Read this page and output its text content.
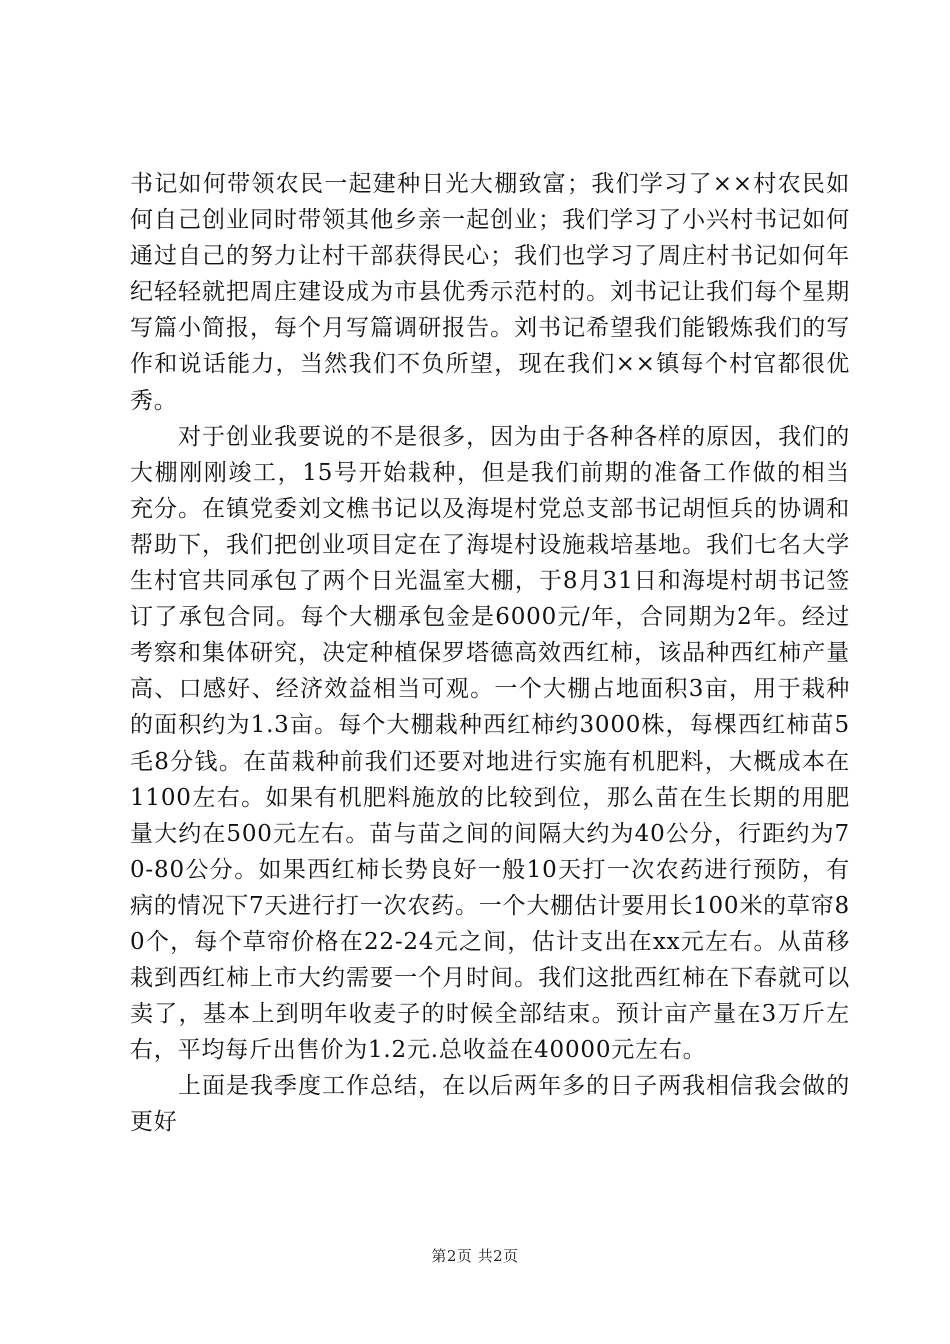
书记如何带领农民一起建种日光大棚致富；我们学习了××村农民如何自己创业同时带领其他乡亲一起创业；我们学习了小兴村书记如何通过自己的努力让村干部获得民心；我们也学习了周庄村书记如何年纪轻轻就把周庄建设成为市县优秀示范村的。刘书记让我们每个星期写篇小简报，每个月写篇调研报告。刘书记希望我们能锻炼我们的写作和说话能力，当然我们不负所望，现在我们××镇每个村官都很优秀。

对于创业我要说的不是很多，因为由于各种各样的原因，我们的大棚刚刚竣工，15号开始栽种，但是我们前期的准备工作做的相当充分。在镇党委刘文樵书记以及海堤村党总支部书记胡恒兵的协调和帮助下，我们把创业项目定在了海堤村设施栽培基地。我们七名大学生村官共同承包了两个日光温室大棚，于8月31日和海堤村胡书记签订了承包合同。每个大棚承包金是6000元/年，合同期为2年。经过考察和集体研究，决定种植保罗塔德高效西红柿，该品种西红柿产量高、口感好、经济效益相当可观。一个大棚占地面积3亩，用于栽种的面积约为1.3亩。每个大棚栽种西红柿约3000株，每棵西红柿苗5毛8分钱。在苗栽种前我们还要对地进行实施有机肥料，大概成本在1100左右。如果有机肥料施放的比较到位，那么苗在生长期的用肥量大约在500元左右。苗与苗之间的间隔大约为40公分，行距约为70-80公分。如果西红柿长势良好一般10天打一次农药进行预防，有病的情况下7天进行打一次农药。一个大棚估计要用长100米的草帘80个，每个草帘价格在22-24元之间，估计支出在xx元左右。从苗移栽到西红柿上市大约需要一个月时间。我们这批西红柿在下春就可以卖了，基本上到明年收麦子的时候全部结束。预计亩产量在3万斤左右，平均每斤出售价为1.2元.总收益在40000元左右。

上面是我季度工作总结，在以后两年多的日子两我相信我会做的更好

第2页 共2页
